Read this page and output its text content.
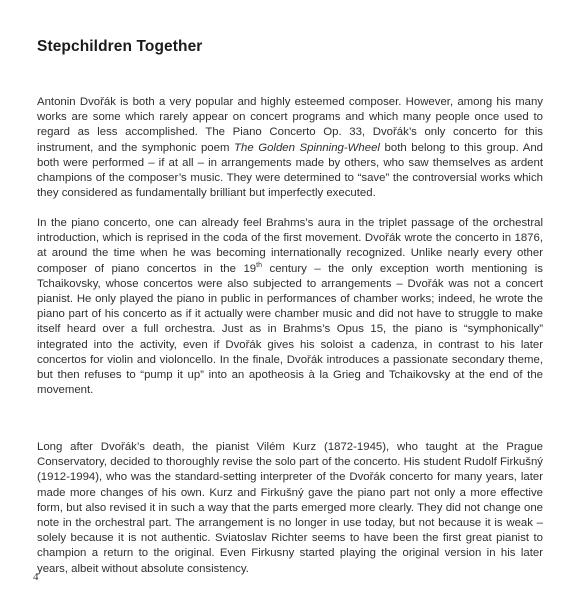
Stepchildren Together

Antonin Dvořák is both a very popular and highly esteemed composer. However, among his many works are some which rarely appear on concert programs and which many people once used to regard as less accomplished. The Piano Concerto Op. 33, Dvořák’s only concerto for this instrument, and the symphonic poem The Golden Spinning-Wheel both belong to this group. And both were performed – if at all – in arrangements made by others, who saw themselves as ardent champions of the composer’s music. They were determined to “save” the controversial works which they considered as fundamentally brilliant but imperfectly executed.

In the piano concerto, one can already feel Brahms’s aura in the triplet passage of the orchestral introduction, which is reprised in the coda of the first movement. Dvořák wrote the concerto in 1876, at around the time when he was becoming internationally recognized. Unlike nearly every other composer of piano concertos in the 19th century – the only exception worth mentioning is Tchaikovsky, whose concertos were also subjected to arrangements – Dvořák was not a concert pianist. He only played the piano in public in performances of chamber works; indeed, he wrote the piano part of his concerto as if it actually were chamber music and did not have to struggle to make itself heard over a full orchestra. Just as in Brahms’s Opus 15, the piano is “symphonically” integrated into the activity, even if Dvořák gives his soloist a cadenza, in contrast to his later concertos for violin and violoncello. In the finale, Dvořák introduces a passionate secondary theme, but then refuses to “pump it up” into an apotheosis à la Grieg and Tchaikovsky at the end of the movement.

Long after Dvořák’s death, the pianist Vilém Kurz (1872-1945), who taught at the Prague Conservatory, decided to thoroughly revise the solo part of the concerto. His student Rudolf Firkušný (1912-1994), who was the standard-setting interpreter of the Dvořák concerto for many years, later made more changes of his own. Kurz and Firkušný gave the piano part not only a more effective form, but also revised it in such a way that the parts emerged more clearly. They did not change one note in the orchestral part. The arrangement is no longer in use today, but not because it is weak – solely because it is not authentic. Sviatoslav Richter seems to have been the first great pianist to champion a return to the original. Even Firkusny started playing the original version in his later years, albeit without absolute consistency.

4
